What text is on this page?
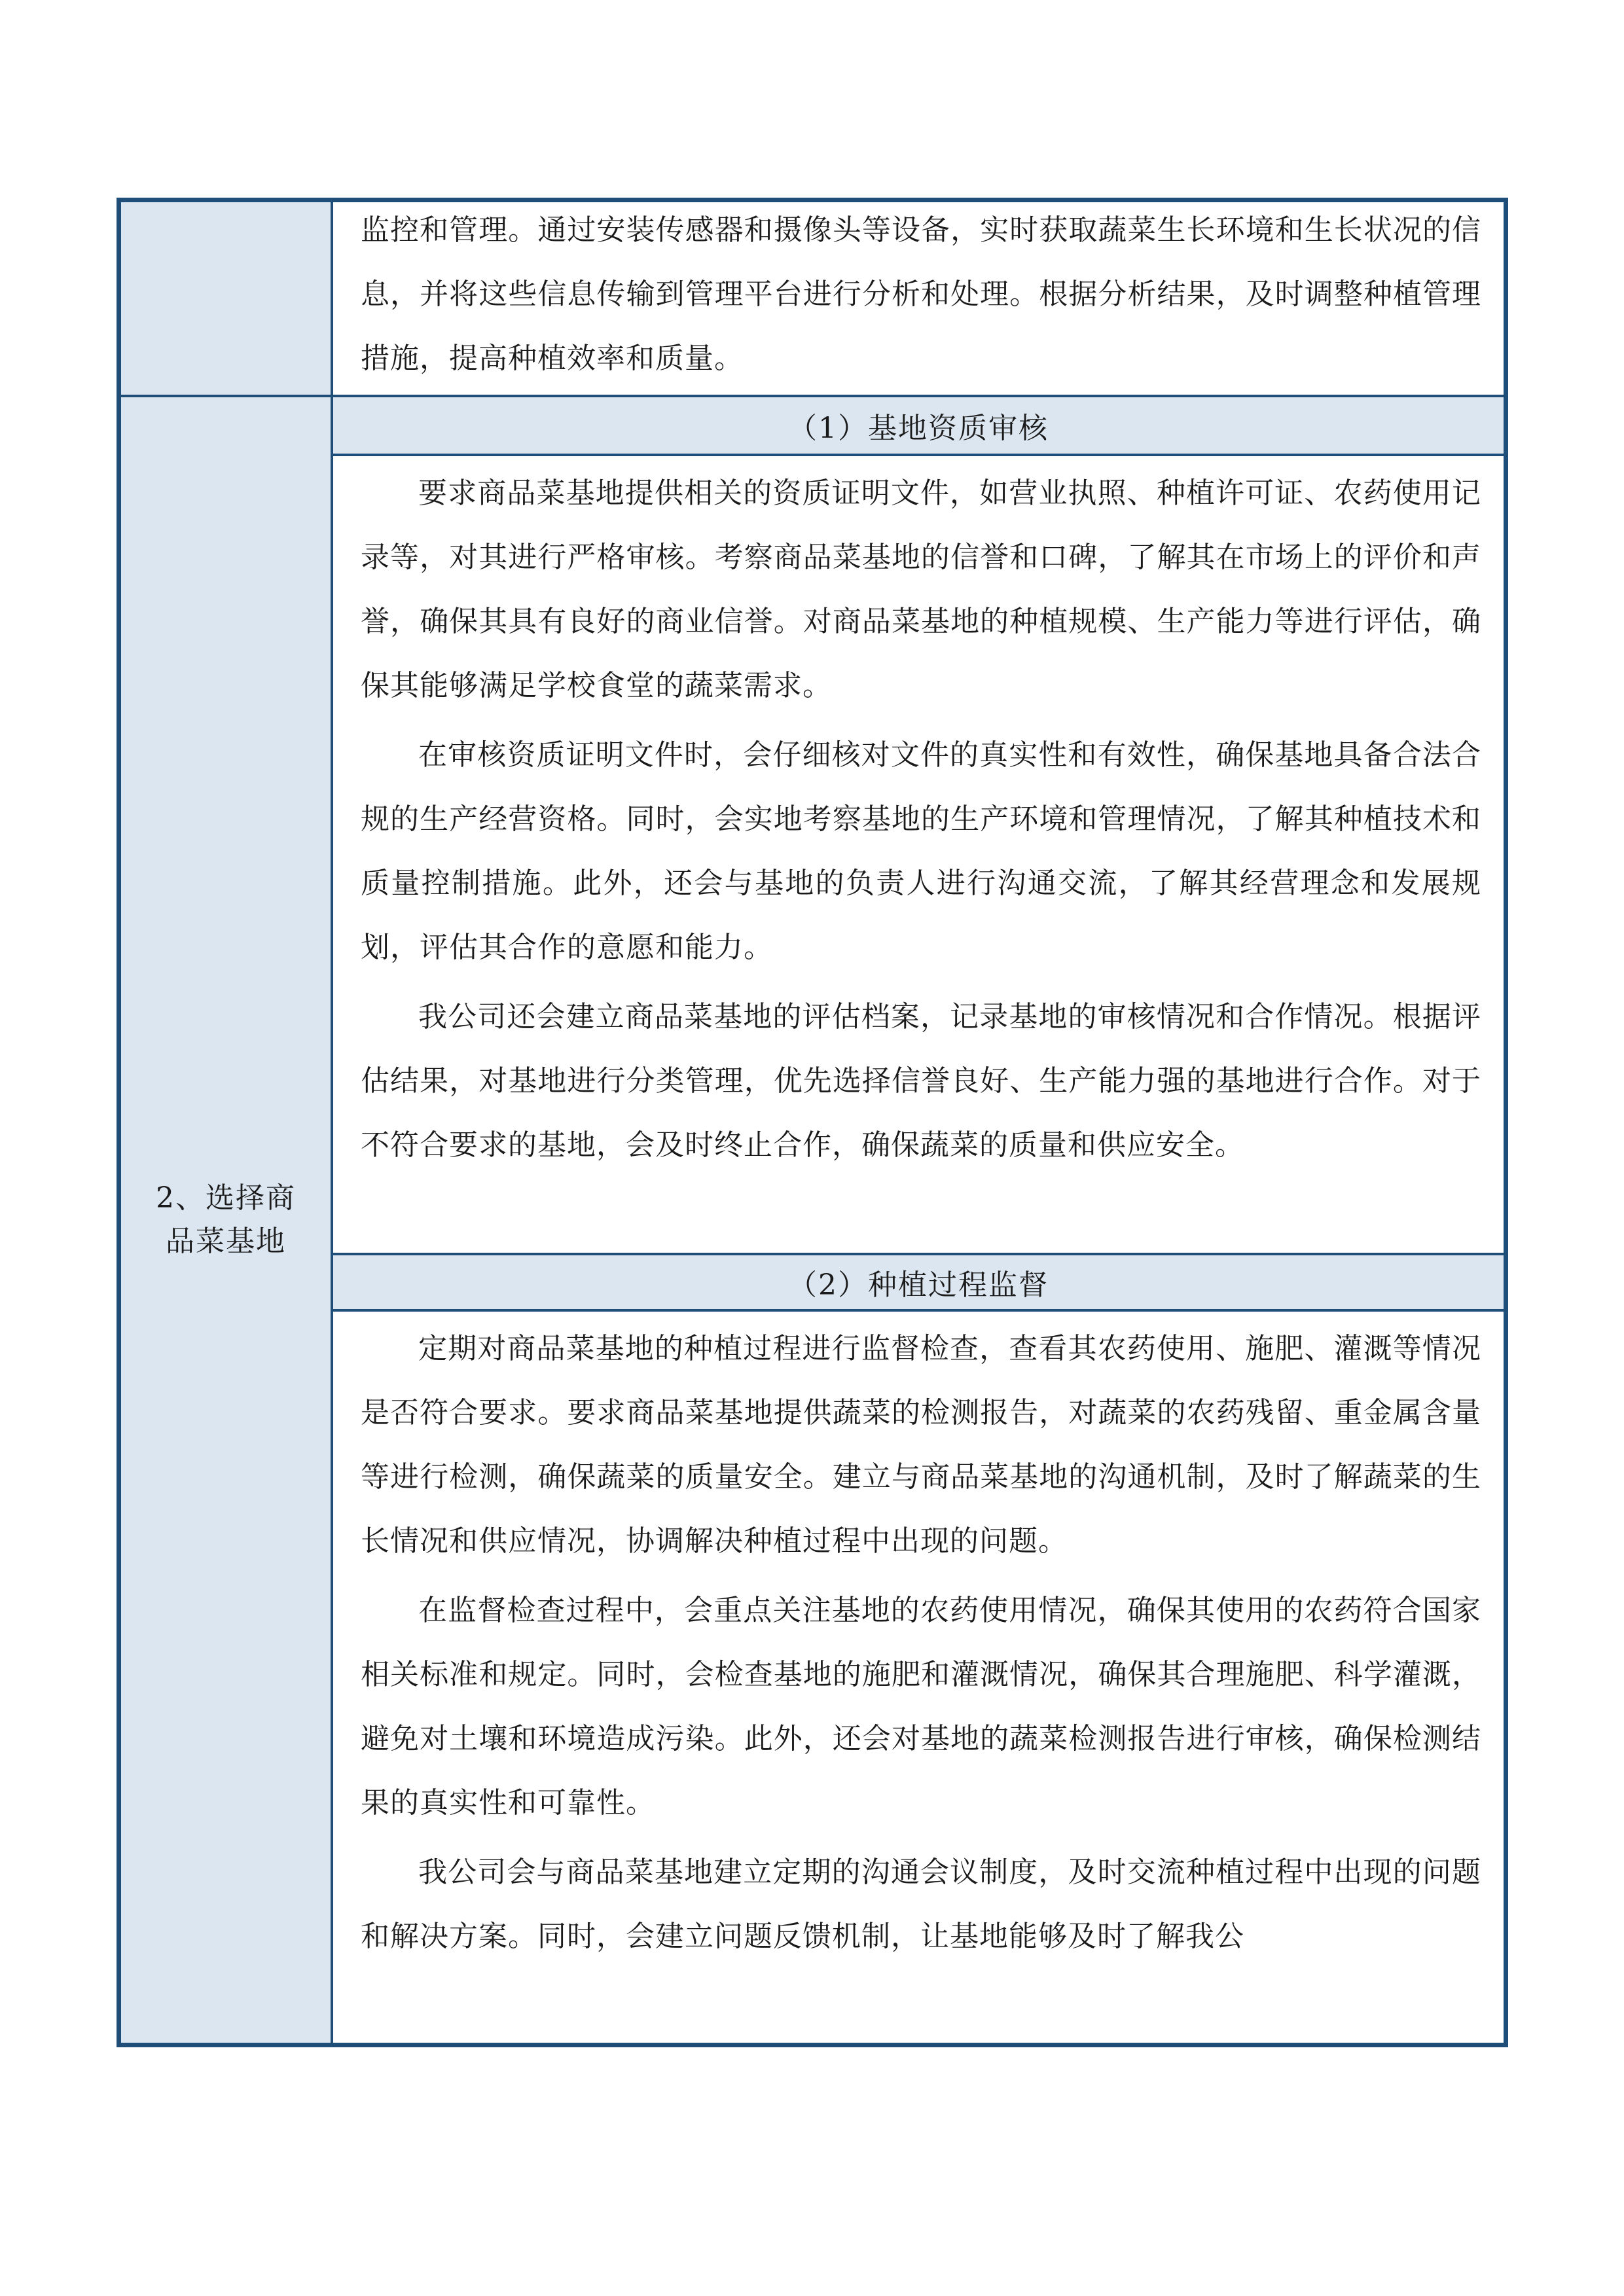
监控和管理。通过安装传感器和摄像头等设备，实时获取蔬菜生长环境和生长状况的信息，并将这些信息传输到管理平台进行分析和处理。根据分析结果，及时调整种植管理措施，提高种植效率和质量。

2、选择商品菜基地
（1）基地资质审核

要求商品菜基地提供相关的资质证明文件，如营业执照、种植许可证、农药使用记录等，对其进行严格审核。考察商品菜基地的信誉和口碑，了解其在市场上的评价和声誉，确保其具有良好的商业信誉。对商品菜基地的种植规模、生产能力等进行评估，确保其能够满足学校食堂的蔬菜需求。

在审核资质证明文件时，会仔细核对文件的真实性和有效性，确保基地具备合法合规的生产经营资格。同时，会实地考察基地的生产环境和管理情况，了解其种植技术和质量控制措施。此外，还会与基地的负责人进行沟通交流，了解其经营理念和发展规划，评估其合作的意愿和能力。

我公司还会建立商品菜基地的评估档案，记录基地的审核情况和合作情况。根据评估结果，对基地进行分类管理，优先选择信誉良好、生产能力强的基地进行合作。对于不符合要求的基地，会及时终止合作，确保蔬菜的质量和供应安全。

（2）种植过程监督

定期对商品菜基地的种植过程进行监督检查，查看其农药使用、施肥、灌溉等情况是否符合要求。要求商品菜基地提供蔬菜的检测报告，对蔬菜的农药残留、重金属含量等进行检测，确保蔬菜的质量安全。建立与商品菜基地的沟通机制，及时了解蔬菜的生长情况和供应情况，协调解决种植过程中出现的问题。

在监督检查过程中，会重点关注基地的农药使用情况，确保其使用的农药符合国家相关标准和规定。同时，会检查基地的施肥和灌溉情况，确保其合理施肥、科学灌溉，避免对土壤和环境造成污染。此外，还会对基地的蔬菜检测报告进行审核，确保检测结果的真实性和可靠性。

我公司会与商品菜基地建立定期的沟通会议制度，及时交流种植过程中出现的问题和解决方案。同时，会建立问题反馈机制，让基地能够及时了解我公
